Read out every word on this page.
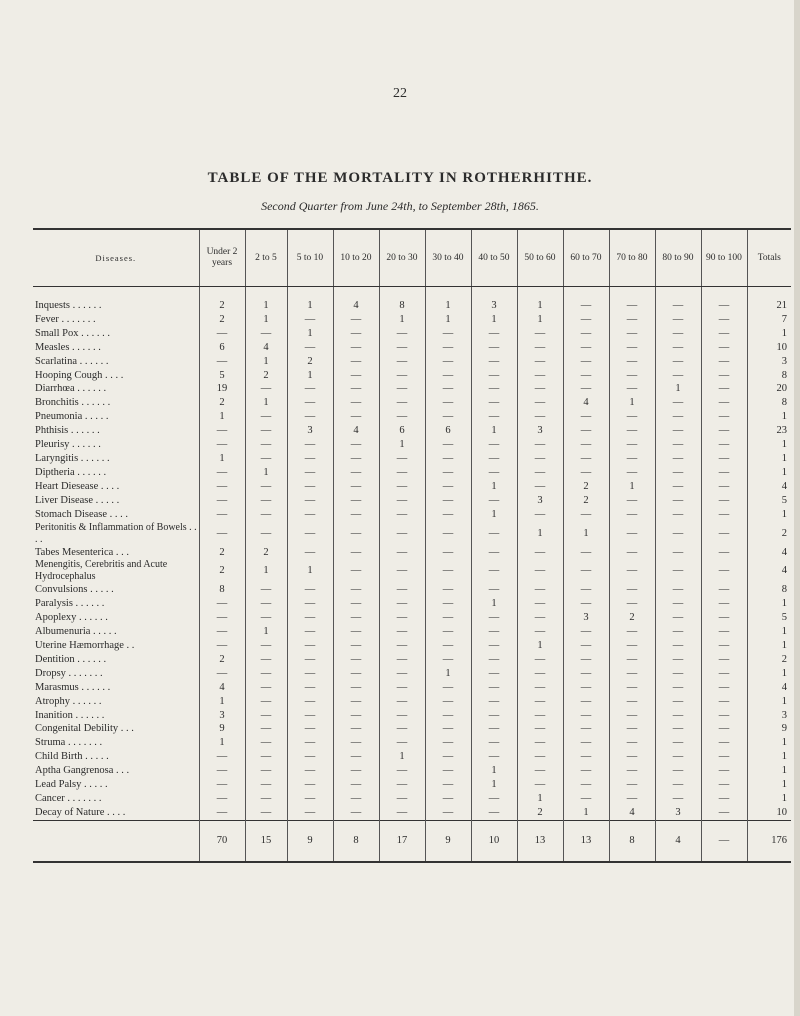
22
TABLE OF THE MORTALITY IN ROTHERHITHE.
Second Quarter from June 24th, to September 28th, 1865.
Diseases.	Under 2 years	2 to 5	5 to 10	10 to 20	20 to 30	30 to 40	40 to 50	50 to 60	60 to 70	70 to 80	80 to 90	90 to 100	Totals
Inquests . . . . . .	2	1	1	4	8	1	3	1	—	—	—	—	21
Fever . . . . . . .	2	1	—	—	1	1	1	1	—	—	—	—	7
Small Pox . . . . . .	—	—	1	—	—	—	—	—	—	—	—	—	1
Measles . . . . . .	6	4	—	—	—	—	—	—	—	—	—	—	10
Scarlatina . . . . . .	—	1	2	—	—	—	—	—	—	—	—	—	3
Hooping Cough . . . .	5	2	1	—	—	—	—	—	—	—	—	—	8
Diarrhœa . . . . . .	19	—	—	—	—	—	—	—	—	—	1	—	20
Bronchitis . . . . . .	2	1	—	—	—	—	—	—	4	1	—	—	8
Pneumonia . . . . .	1	—	—	—	—	—	—	—	—	—	—	—	1
Phthisis . . . . . .	—	—	3	4	6	6	1	3	—	—	—	—	23
Pleurisy . . . . . .	—	—	—	—	1	—	—	—	—	—	—	—	1
Laryngitis . . . . . .	1	—	—	—	—	—	—	—	—	—	—	—	1
Diptheria . . . . . .	—	1	—	—	—	—	—	—	—	—	—	—	1
Heart Diesease . . . .	—	—	—	—	—	—	1	—	2	1	—	—	4
Liver Disease . . . . .	—	—	—	—	—	—	—	3	2	—	—	—	5
Stomach Disease . . . .	—	—	—	—	—	—	1	—	—	—	—	—	1
Peritonitis & Inflammation of Bowels . . . .	—	—	—	—	—	—	—	1	1	—	—	—	2
Tabes Mesenterica . . .	2	2	—	—	—	—	—	—	—	—	—	—	4
Menengitis, Cerebritis and Acute Hydrocephalus	2	1	1	—	—	—	—	—	—	—	—	—	4
Convulsions . . . . .	8	—	—	—	—	—	—	—	—	—	—	—	8
Paralysis . . . . . .	—	—	—	—	—	—	1	—	—	—	—	—	1
Apoplexy . . . . . .	—	—	—	—	—	—	—	—	3	2	—	—	5
Albumenuria . . . . .	—	1	—	—	—	—	—	—	—	—	—	—	1
Uterine Hæmorrhage . .	—	—	—	—	—	—	—	1	—	—	—	—	1
Dentition . . . . . .	2	—	—	—	—	—	—	—	—	—	—	—	2
Dropsy . . . . . . .	—	—	—	—	—	1	—	—	—	—	—	—	1
Marasmus . . . . . .	4	—	—	—	—	—	—	—	—	—	—	—	4
Atrophy . . . . . .	1	—	—	—	—	—	—	—	—	—	—	—	1
Inanition . . . . . .	3	—	—	—	—	—	—	—	—	—	—	—	3
Congenital Debility . . .	9	—	—	—	—	—	—	—	—	—	—	—	9
Struma . . . . . . .	1	—	—	—	—	—	—	—	—	—	—	—	1
Child Birth . . . . .	—	—	—	—	1	—	—	—	—	—	—	—	1
Aptha Gangrenosa . . .	—	—	—	—	—	—	1	—	—	—	—	—	1
Lead Palsy . . . . .	—	—	—	—	—	—	1	—	—	—	—	—	1
Cancer . . . . . . .	—	—	—	—	—	—	—	1	—	—	—	—	1
Decay of Nature . . . .	—	—	—	—	—	—	—	2	1	4	3	—	10
	70	15	9	8	17	9	10	13	13	8	4	—	176
